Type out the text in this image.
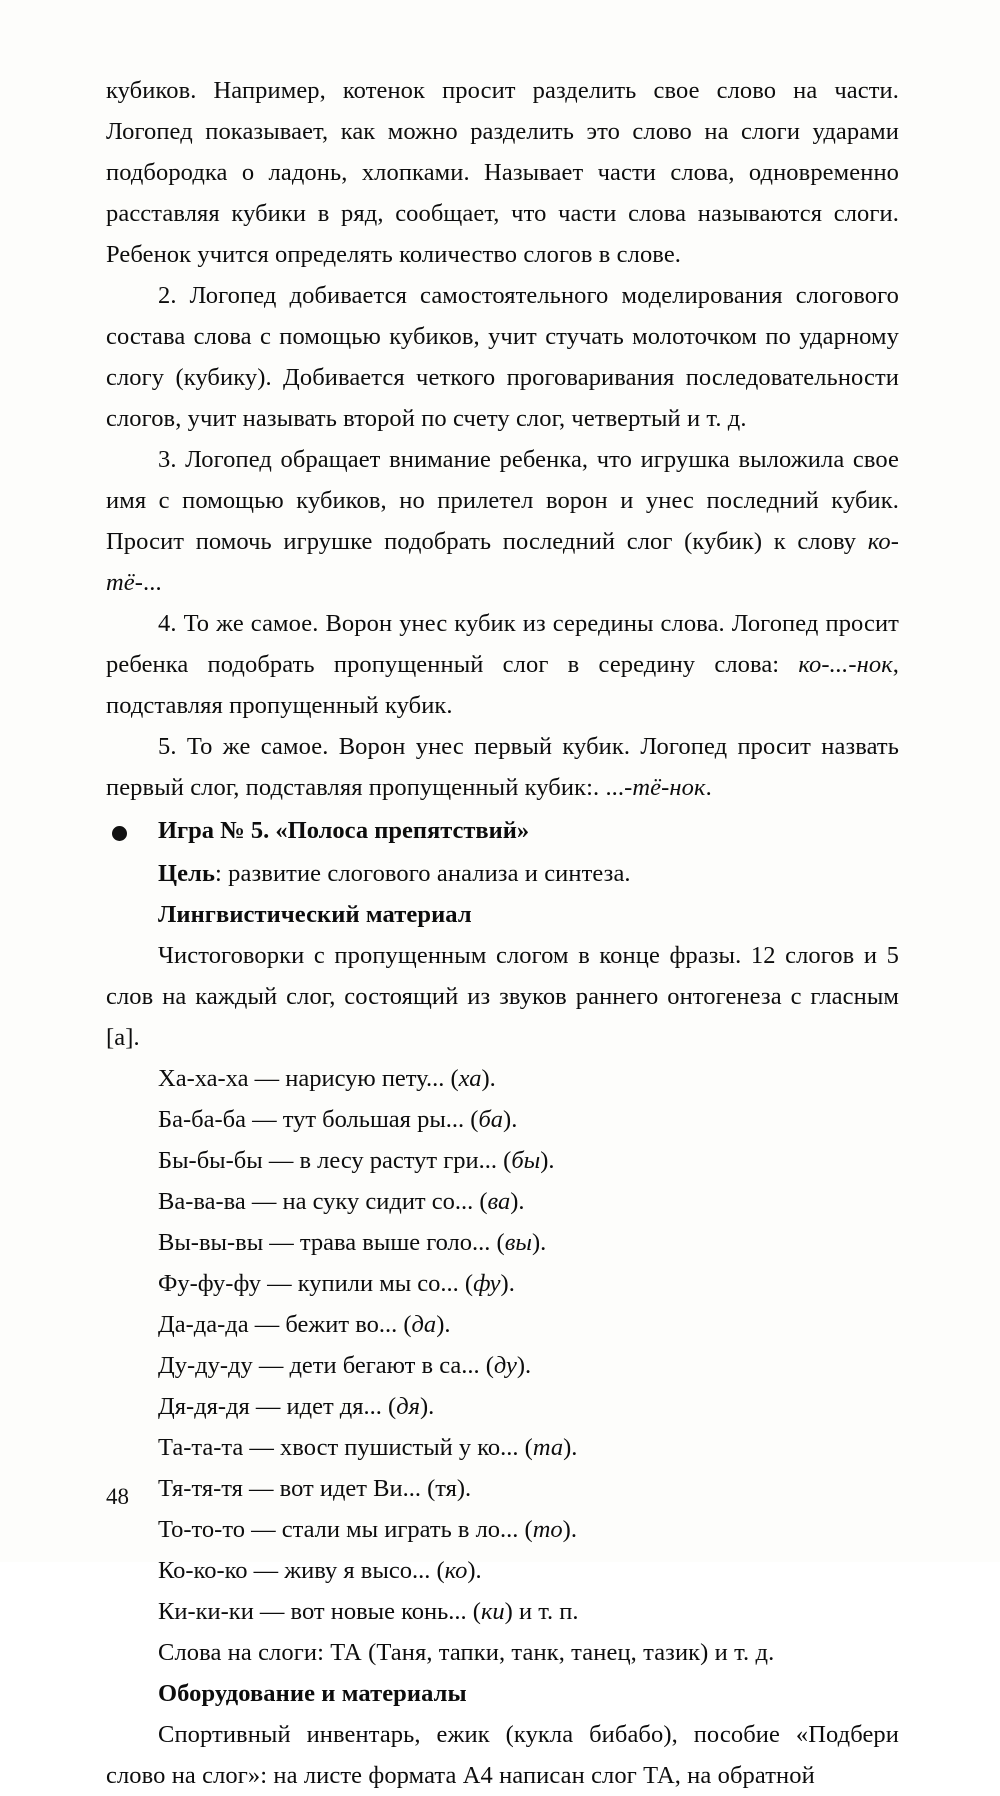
кубиков. Например, котенок просит разделить свое слово на части. Логопед показывает, как можно разделить это слово на слоги ударами подбородка о ладонь, хлопками. Называет части слова, одновременно расставляя кубики в ряд, сообщает, что части слова называются слоги. Ребенок учится определять количество слогов в слове.

2. Логопед добивается самостоятельного моделирования слогового состава слова с помощью кубиков, учит стучать молоточком по ударному слогу (кубику). Добивается четкого проговаривания последовательности слогов, учит называть второй по счету слог, четвертый и т. д.

3. Логопед обращает внимание ребенка, что игрушка выложила свое имя с помощью кубиков, но прилетел ворон и унес последний кубик. Просит помочь игрушке подобрать последний слог (кубик) к слову ко-тё-...

4. То же самое. Ворон унес кубик из середины слова. Логопед просит ребенка подобрать пропущенный слог в середину слова: ко-...-нок, подставляя пропущенный кубик.

5. То же самое. Ворон унес первый кубик. Логопед просит назвать первый слог, подставляя пропущенный кубик:. ...-тё-нок.

Игра № 5. «Полоса препятствий»

Цель: развитие слогового анализа и синтеза.

Лингвистический материал

Чистоговорки с пропущенным слогом в конце фразы. 12 слогов и 5 слов на каждый слог, состоящий из звуков раннего онтогенеза с гласным [а].

Ха-ха-ха — нарисую пету... (ха).
Ба-ба-ба — тут большая ры... (ба).
Бы-бы-бы — в лесу растут гри... (бы).
Ва-ва-ва — на суку сидит со... (ва).
Вы-вы-вы — трава выше голо... (вы).
Фу-фу-фу — купили мы со... (фу).
Да-да-да — бежит во... (да).
Ду-ду-ду — дети бегают в са... (ду).
Дя-дя-дя — идет дя... (дя).
Та-та-та — хвост пушистый у ко... (та).
Тя-тя-тя — вот идет Ви... (тя).
То-то-то — стали мы играть в ло... (то).
Ко-ко-ко — живу я высо... (ко).
Ки-ки-ки — вот новые конь... (ки) и т. п.

Слова на слоги: ТА (Таня, тапки, танк, танец, тазик) и т. д.

Оборудование и материалы

Спортивный инвентарь, ежик (кукла бибабо), пособие «Подбери слово на слог»: на листе формата А4 написан слог ТА, на обратной

48
